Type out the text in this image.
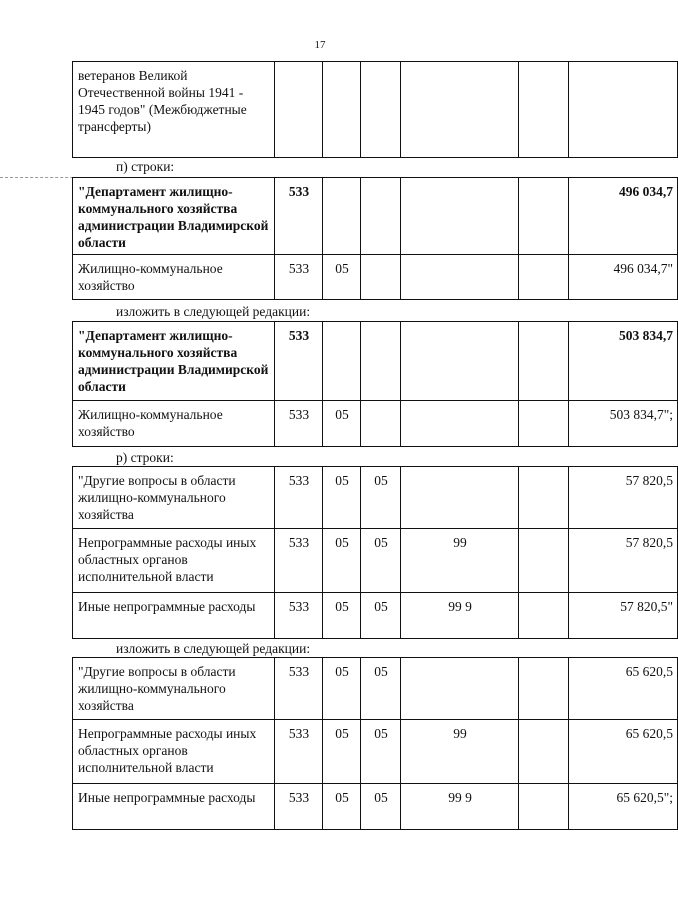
17
ветеранов Великой Отечественной войны 1941 - 1945 годов" (Межбюджетные трансферты)						
п) строки:
"Департамент жилищно-коммунального хозяйства администрации Владимирской области	533					496 034,7
Жилищно-коммунальное хозяйство	533	05				496 034,7"
изложить в следующей редакции:
"Департамент жилищно-коммунального хозяйства администрации Владимирской области	533					503 834,7
Жилищно-коммунальное хозяйство	533	05				503 834,7";
р) строки:
"Другие вопросы в области жилищно-коммунального хозяйства	533	05	05			57 820,5
Непрограммные расходы иных областных органов исполнительной власти	533	05	05	99		57 820,5
Иные непрограммные расходы	533	05	05	99 9		57 820,5"
изложить в следующей редакции:
"Другие вопросы в области жилищно-коммунального хозяйства	533	05	05			65 620,5
Непрограммные расходы иных областных органов исполнительной власти	533	05	05	99		65 620,5
Иные непрограммные расходы	533	05	05	99 9		65 620,5";
